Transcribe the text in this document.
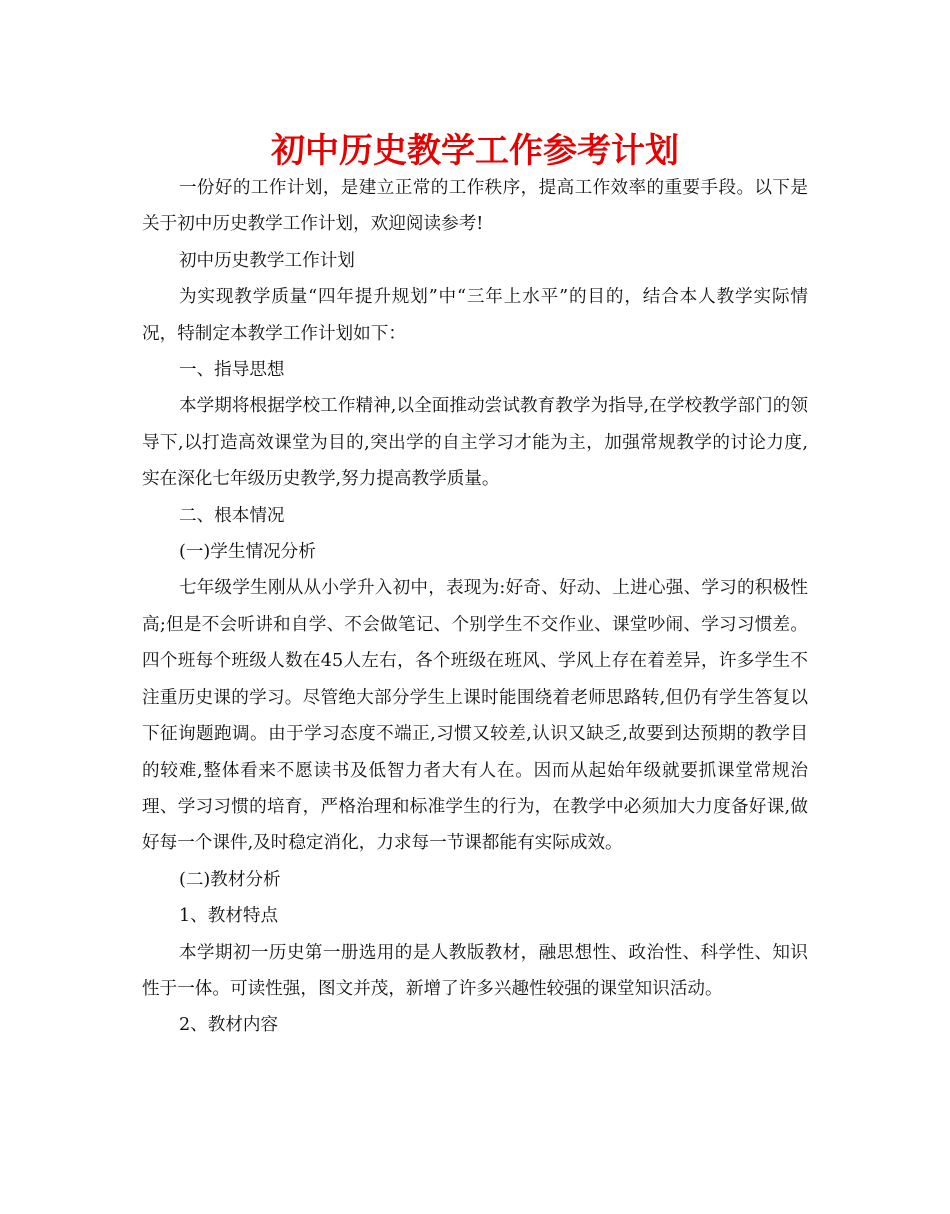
初中历史教学工作参考计划

一份好的工作计划，是建立正常的工作秩序，提高工作效率的重要手段。以下是关于初中历史教学工作计划，欢迎阅读参考!

初中历史教学工作计划

为实现教学质量“四年提升规划”中“三年上水平”的目的，结合本人教学实际情况，特制定本教学工作计划如下：

一、指导思想

本学期将根据学校工作精神,以全面推动尝试教育教学为指导,在学校教学部门的领导下,以打造高效课堂为目的,突出学的自主学习才能为主，加强常规教学的讨论力度,实在深化七年级历史教学,努力提高教学质量。

二、根本情况

(一)学生情况分析

七年级学生刚从从小学升入初中，表现为:好奇、好动、上进心强、学习的积极性高;但是不会听讲和自学、不会做笔记、个别学生不交作业、课堂吵闹、学习习惯差。四个班每个班级人数在45人左右，各个班级在班风、学风上存在着差异，许多学生不注重历史课的学习。尽管绝大部分学生上课时能围绕着老师思路转,但仍有学生答复以下征询题跑调。由于学习态度不端正,习惯又较差,认识又缺乏,故要到达预期的教学目的较难,整体看来不愿读书及低智力者大有人在。因而从起始年级就要抓课堂常规治理、学习习惯的培育，严格治理和标准学生的行为，在教学中必须加大力度备好课,做好每一个课件,及时稳定消化，力求每一节课都能有实际成效。

(二)教材分析

1、教材特点

本学期初一历史第一册选用的是人教版教材，融思想性、政治性、科学性、知识性于一体。可读性强，图文并茂，新增了许多兴趣性较强的课堂知识活动。

2、教材内容
